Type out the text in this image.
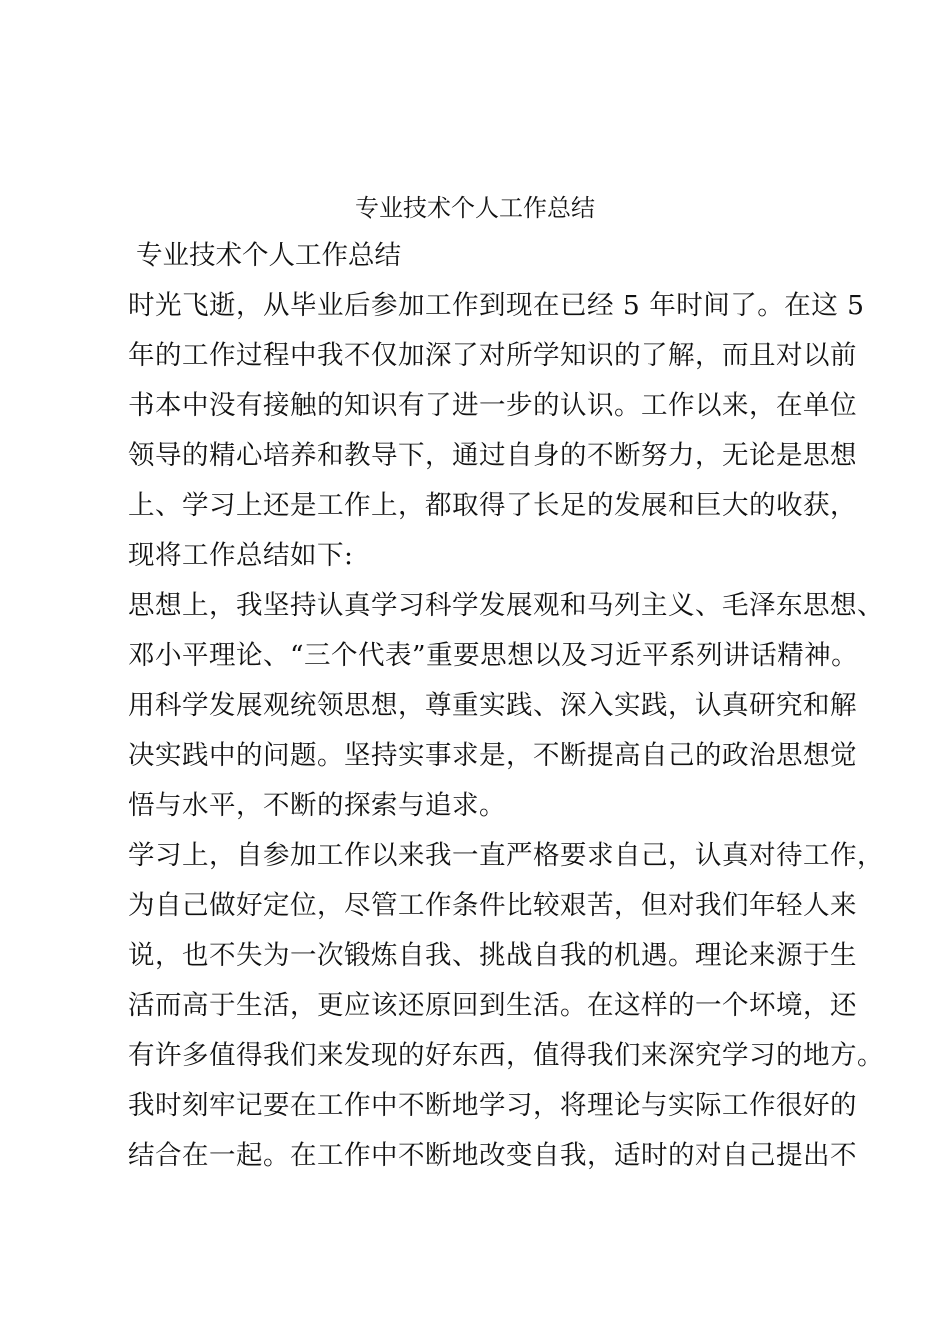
专业技术个人工作总结
专业技术个人工作总结
时光飞逝，从毕业后参加工作到现在已经 5 年时间了。在这 5
年的工作过程中我不仅加深了对所学知识的了解，而且对以前
书本中没有接触的知识有了进一步的认识。工作以来，在单位
领导的精心培养和教导下，通过自身的不断努力，无论是思想
上、学习上还是工作上，都取得了长足的发展和巨大的收获，
现将工作总结如下:
思想上，我坚持认真学习科学发展观和马列主义、毛泽东思想、
邓小平理论、“三个代表”重要思想以及习近平系列讲话精神。
用科学发展观统领思想，尊重实践、深入实践，认真研究和解
决实践中的问题。坚持实事求是，不断提高自己的政治思想觉
悟与水平，不断的探索与追求。
学习上，自参加工作以来我一直严格要求自己，认真对待工作，
为自己做好定位，尽管工作条件比较艰苦，但对我们年轻人来
说，也不失为一次锻炼自我、挑战自我的机遇。理论来源于生
活而高于生活，更应该还原回到生活。在这样的一个坏境，还
有许多值得我们来发现的好东西，值得我们来深究学习的地方。
我时刻牢记要在工作中不断地学习，将理论与实际工作很好的
结合在一起。在工作中不断地改变自我，适时的对自己提出不
